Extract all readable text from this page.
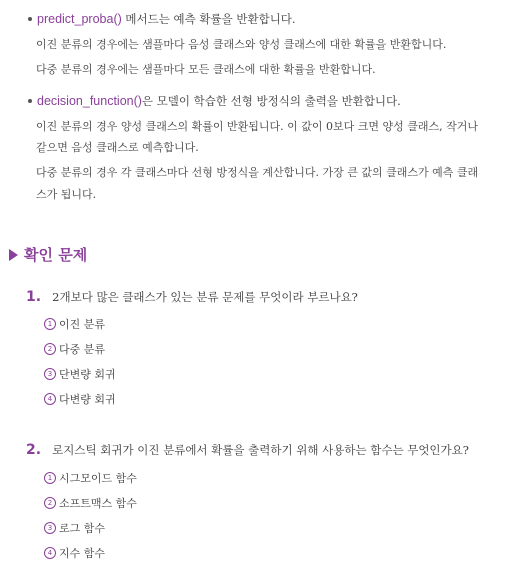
predict_proba() 메서드는 예측 확률을 반환합니다.
이진 분류의 경우에는 샘플마다 음성 클래스와 양성 클래스에 대한 확률을 반환합니다.
다중 분류의 경우에는 샘플마다 모든 클래스에 대한 확률을 반환합니다.
decision_function()은 모델이 학습한 선형 방정식의 출력을 반환합니다.
이진 분류의 경우 양성 클래스의 확률이 반환됩니다. 이 값이 0보다 크면 양성 클래스, 작거나
같으면 음성 클래스로 예측합니다.
다중 분류의 경우 각 클래스마다 선형 방정식을 계산합니다. 가장 큰 값의 클래스가 예측 클래
스가 됩니다.
확인 문제
1. 2개보다 많은 클래스가 있는 분류 문제를 무엇이라 부르나요?
1 이진 분류
2 다중 분류
3 단변량 회귀
4 다변량 회귀
2. 로지스틱 회귀가 이진 분류에서 확률을 출력하기 위해 사용하는 함수는 무엇인가요?
1 시그모이드 함수
2 소프트맥스 함수
3 로그 함수
4 지수 함수
